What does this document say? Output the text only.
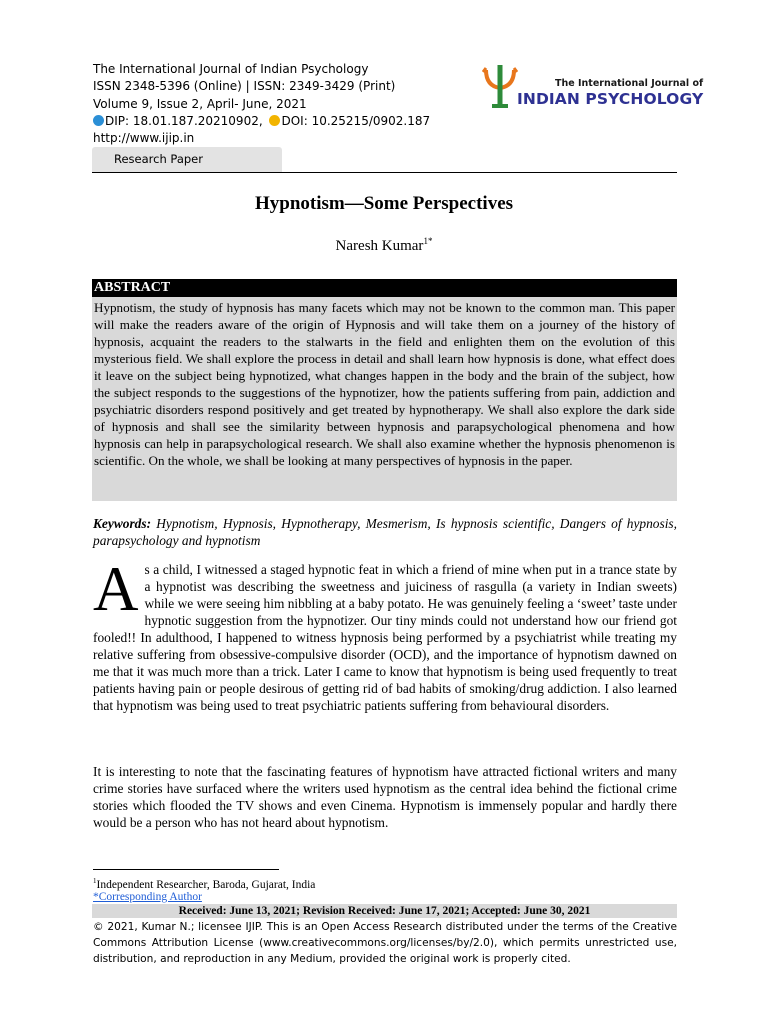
The International Journal of Indian Psychology
ISSN 2348-5396 (Online) | ISSN: 2349-3429 (Print)
Volume 9, Issue 2, April- June, 2021
DIP: 18.01.187.20210902, DOI: 10.25215/0902.187
http://www.ijip.in
The International Journal of
INDIAN PSYCHOLOGY
Research Paper
Hypnotism—Some Perspectives
Naresh Kumar$^{1*}$
ABSTRACT

Hypnotism, the study of hypnosis has many facets which may not be known to the common man. This paper will make the readers aware of the origin of Hypnosis and will take them on a journey of the history of hypnosis, acquaint the readers to the stalwarts in the field and enlighten them on the evolution of this mysterious field. We shall explore the process in detail and shall learn how hypnosis is done, what effect does it leave on the subject being hypnotized, what changes happen in the body and the brain of the subject, how the subject responds to the suggestions of the hypnotizer, how the patients suffering from pain, addiction and psychiatric disorders respond positively and get treated by hypnotherapy. We shall also explore the dark side of hypnosis and shall see the similarity between hypnosis and parapsychological phenomena and how hypnosis can help in parapsychological research. We shall also examine whether the hypnosis phenomenon is scientific. On the whole, we shall be looking at many perspectives of hypnosis in the paper.

Keywords: Hypnotism, Hypnosis, Hypnotherapy, Mesmerism, Is hypnosis scientific, Dangers of hypnosis, parapsychology and hypnotism
A s a child, I witnessed a staged hypnotic feat in which a friend of mine when put in a trance state by a hypnotist was describing the sweetness and juiciness of rasgulla (a variety in Indian sweets) while we were seeing him nibbling at a baby potato. He was genuinely feeling a ‘sweet’ taste under hypnotic suggestion from the hypnotizer. Our tiny minds could not understand how our friend got fooled!! In adulthood, I happened to witness hypnosis being performed by a psychiatrist while treating my relative suffering from obsessive-compulsive disorder (OCD), and the importance of hypnotism dawned on me that it was much more than a trick. Later I came to know that hypnotism is being used frequently to treat patients having pain or people desirous of getting rid of bad habits of smoking/drug addiction. I also learned that hypnotism was being used to treat psychiatric patients suffering from behavioural disorders.

It is interesting to note that the fascinating features of hypnotism have attracted fictional writers and many crime stories have surfaced where the writers used hypnotism as the central idea behind the fictional crime stories which flooded the TV shows and even Cinema. Hypnotism is immensely popular and hardly there would be a person who has not heard about hypnotism.

$^1$Independent Researcher, Baroda, Gujarat, India
*Corresponding Author
Received: June 13, 2021; Revision Received: June 17, 2021; Accepted: June 30, 2021

© 2021, Kumar N.; licensee IJIP. This is an Open Access Research distributed under the terms of the Creative Commons Attribution License (www.creativecommons.org/licenses/by/2.0), which permits unrestricted use, distribution, and reproduction in any Medium, provided the original work is properly cited.
